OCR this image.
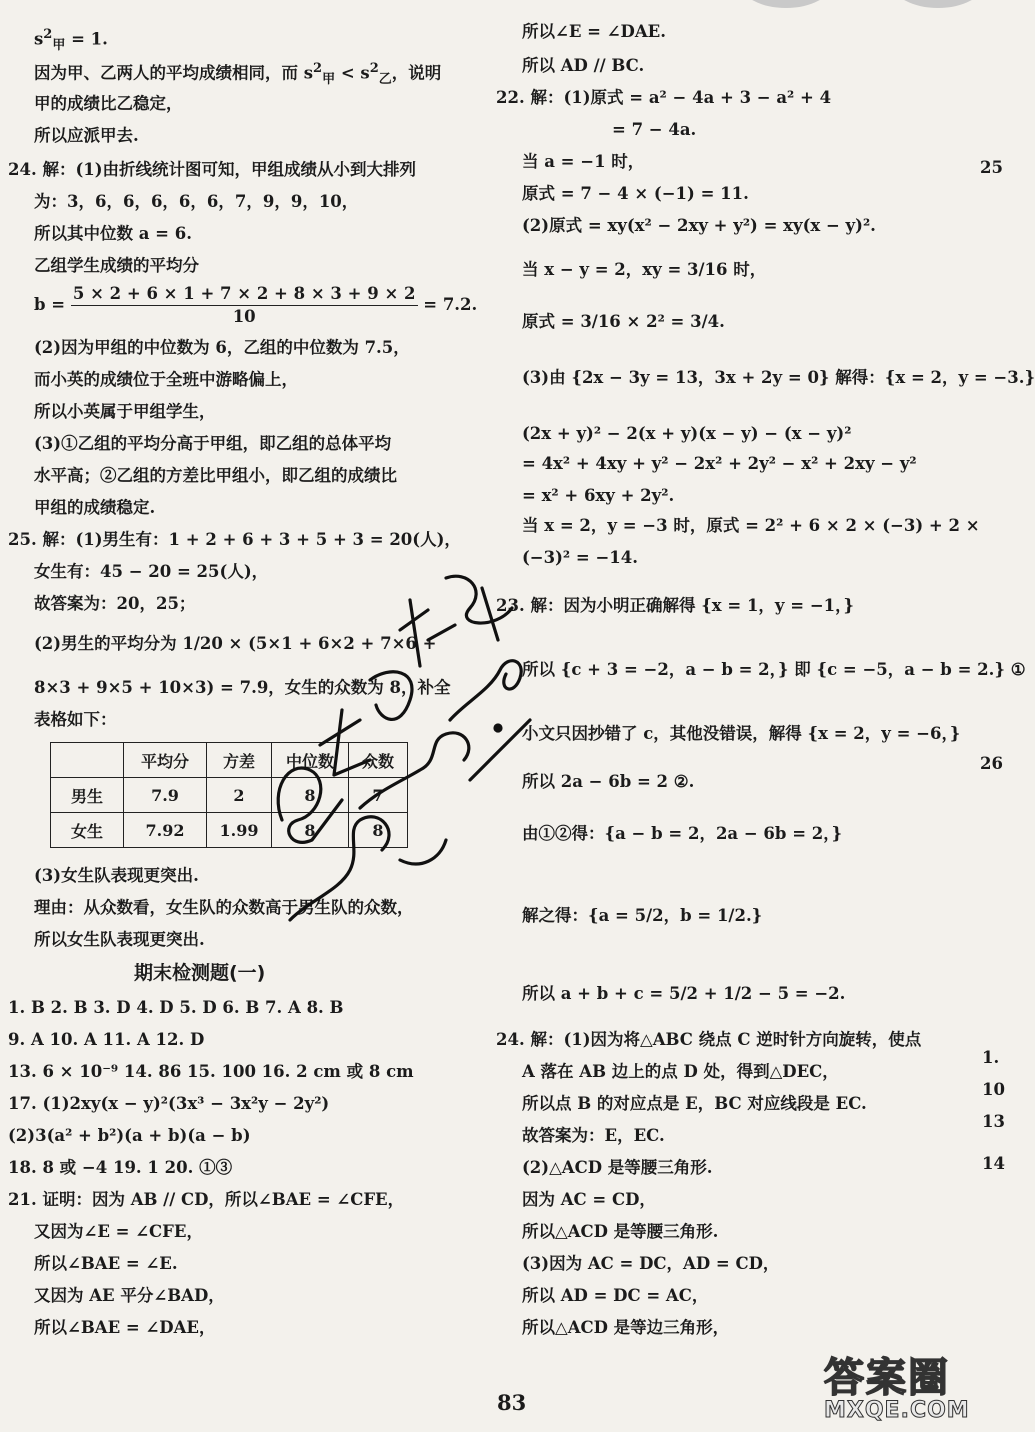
$s^2_甲 = 1$.
因为甲、乙两人的平均成绩相同，而 $s^2_甲 < s^2_乙$，说明
甲的成绩比乙稳定，
所以应派甲去.
24. 解：(1)由折线统计图可知，甲组成绩从小到大排列
为：3，6，6，6，6，6，7，9，9，10，
所以其中位数 a = 6.
乙组学生成绩的平均分
$b = \frac{5 \times 2 + 6 \times 1 + 7 \times 2 + 8 \times 3 + 9 \times 2}{10} = 7.2$.
(2)因为甲组的中位数为 6，乙组的中位数为 7.5，
而小英的成绩位于全班中游略偏上，
所以小英属于甲组学生，
(3)①乙组的平均分高于甲组，即乙组的总体平均
水平高；②乙组的方差比甲组小，即乙组的成绩比
甲组的成绩稳定.
25. 解：(1)男生有：1 + 2 + 6 + 3 + 5 + 3 = 20(人)，
女生有：45 − 20 = 25(人)，
故答案为：20，25；
(2)男生的平均分为 1/20 × (5×1 + 6×2 + 7×6 +
8×3 + 9×5 + 10×3) = 7.9，女生的众数为 8，补全
表格如下：
	平均分	方差	中位数	众数
男生	7.9	2	8	7
女生	7.92	1.99	8	8
(3)女生队表现更突出.
理由：从众数看，女生队的众数高于男生队的众数，
所以女生队表现更突出.
期末检测题(一)
1. B 2. B 3. D 4. D 5. D 6. B 7. A 8. B
9. A 10. A 11. A 12. D
13. 6 × 10⁻⁹ 14. 86 15. 100 16. 2 cm 或 8 cm
17. (1)2xy(x − y)²(3x³ − 3x²y − 2y²)
(2)3(a² + b²)(a + b)(a − b)
18. 8 或 −4 19. 1 20. ①③
21. 证明：因为 AB // CD，所以∠BAE = ∠CFE，
又因为∠E = ∠CFE，
所以∠BAE = ∠E.
又因为 AE 平分∠BAD，
所以∠BAE = ∠DAE，
所以∠E = ∠DAE.
所以 AD // BC.
22. 解：(1)原式 = a² − 4a + 3 − a² + 4
= 7 − 4a.
当 a = −1 时，
原式 = 7 − 4 × (−1) = 11.
(2)原式 = xy(x² − 2xy + y²) = xy(x − y)².
当 x − y = 2，xy = 3/16 时，
原式 = 3/16 × 2² = 3/4.
(3)由 {2x − 3y = 13，3x + 2y = 0} 解得：{x = 2，y = −3.}
(2x + y)² − 2(x + y)(x − y) − (x − y)²
= 4x² + 4xy + y² − 2x² + 2y² − x² + 2xy − y²
= x² + 6xy + 2y².
当 x = 2，y = −3 时，原式 = 2² + 6 × 2 × (−3) + 2 ×
(−3)² = −14.
23. 解：因为小明正确解得 {x = 1，y = −1，}
所以 {c + 3 = −2，a − b = 2，} 即 {c = −5，a − b = 2.} ①
小文只因抄错了 c，其他没错误，解得 {x = 2，y = −6，}
所以 2a − 6b = 2 ②.
由①②得：{a − b = 2，2a − 6b = 2，}
解之得：{a = 5/2，b = 1/2.}
所以 a + b + c = 5/2 + 1/2 − 5 = −2.
24. 解：(1)因为将△ABC 绕点 C 逆时针方向旋转，使点
A 落在 AB 边上的点 D 处，得到△DEC，
所以点 B 的对应点是 E，BC 对应线段是 EC.
故答案为：E，EC.
(2)△ACD 是等腰三角形.
因为 AC = CD，
所以△ACD 是等腰三角形.
(3)因为 AC = DC，AD = CD，
所以 AD = DC = AC，
所以△ACD 是等边三角形，
25
26
1.
10
13
14
83
答案圈
MXQE.COM
